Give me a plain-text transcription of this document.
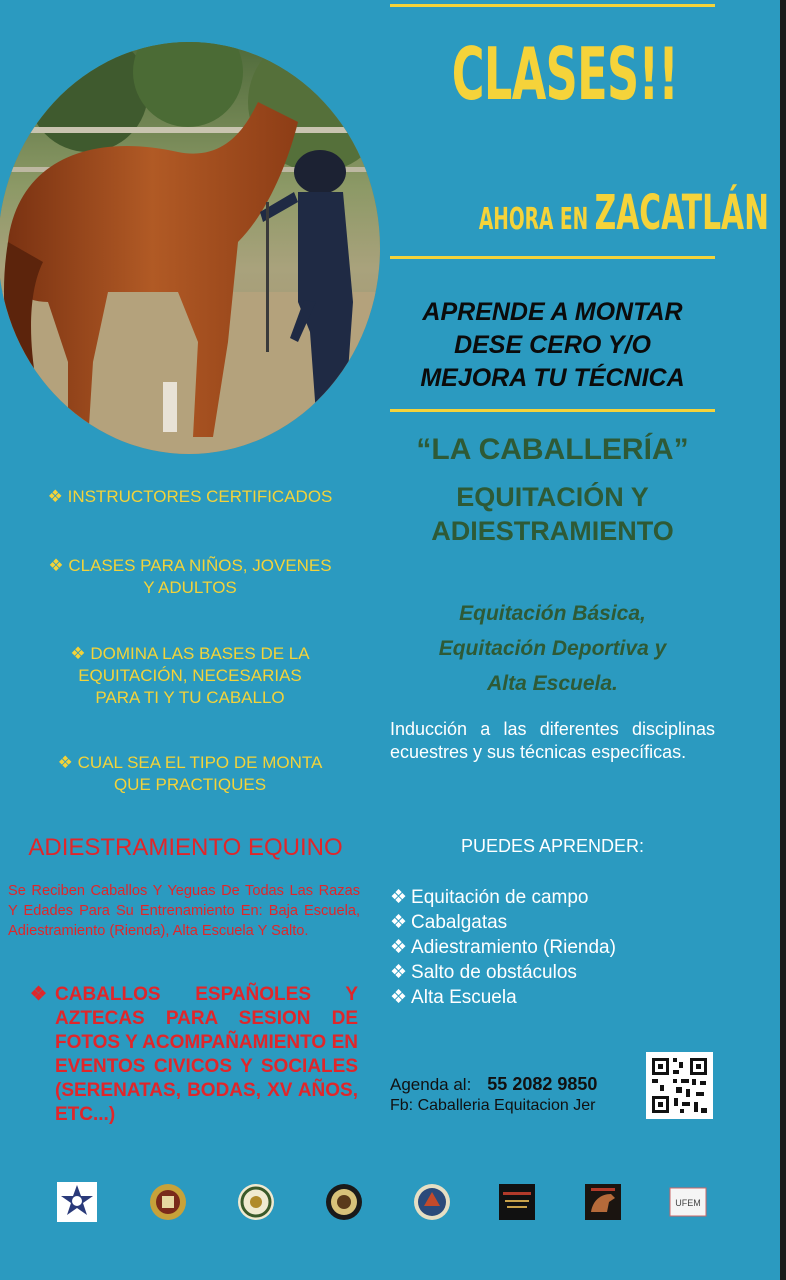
CLASES!!
AHORA EN ZACATLÁN
APRENDE A MONTAR
DESE CERO Y/O
MEJORA TU TÉCNICA
“LA CABALLERÍA”
EQUITACIÓN Y
ADIESTRAMIENTO
Equitación Básica,
Equitación Deportiva y
Alta Escuela.
Inducción a las diferentes disciplinas ecuestres y sus técnicas específicas.
PUEDES APRENDER:
❖ Equitación de campo
❖ Cabalgatas
❖ Adiestramiento (Rienda)
❖ Salto de obstáculos
❖ Alta Escuela
Agenda al: 55 2082 9850
Fb: Caballeria Equitacion Jer
❖ INSTRUCTORES CERTIFICADOS
❖ CLASES PARA NIÑOS, JOVENES
Y ADULTOS
❖ DOMINA LAS BASES DE LA
EQUITACIÓN, NECESARIAS
PARA TI Y TU CABALLO
❖ CUAL SEA EL TIPO DE MONTA
QUE PRACTIQUES
ADIESTRAMIENTO EQUINO
Se Reciben Caballos Y Yeguas De Todas Las Razas Y Edades Para Su Entrenamiento En: Baja Escuela, Adiestramiento (Rienda), Alta Escuela Y Salto.
❖ CABALLOS ESPAÑOLES Y AZTECAS PARA SESION DE FOTOS Y ACOMPAÑAMIENTO EN EVENTOS CIVICOS Y SOCIALES (SERENATAS, BODAS, XV AÑOS, ETC...)
UFEM
